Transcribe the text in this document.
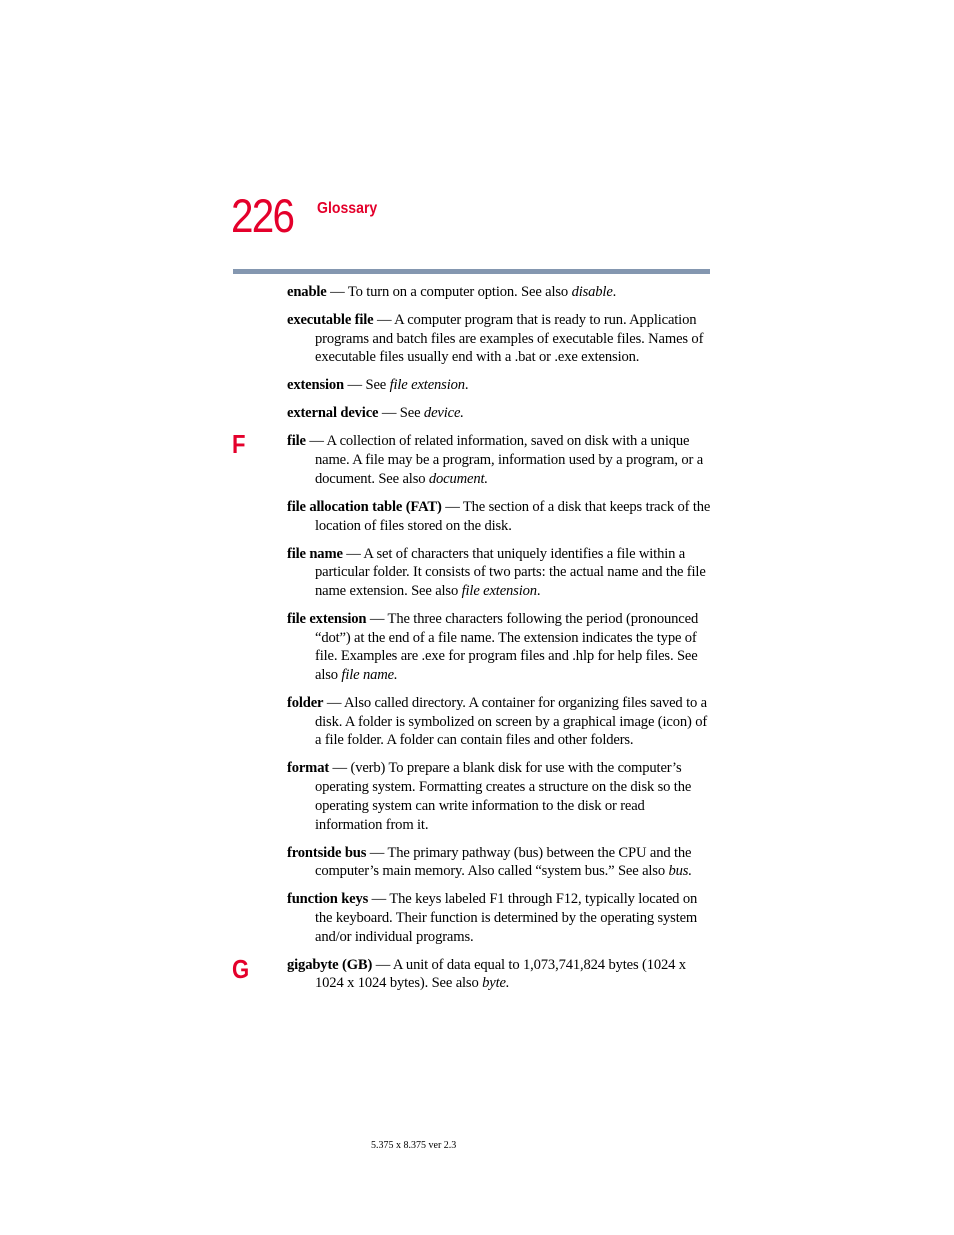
226 Glossary
F
G

enable — To turn on a computer option. See also disable.

executable file — A computer program that is ready to run. Application programs and batch files are examples of executable files. Names of executable files usually end with a .bat or .exe extension.

extension — See file extension.

external device — See device.

file — A collection of related information, saved on disk with a unique name. A file may be a program, information used by a program, or a document. See also document.

file allocation table (FAT) — The section of a disk that keeps track of the location of files stored on the disk.

file name — A set of characters that uniquely identifies a file within a particular folder. It consists of two parts: the actual name and the file name extension. See also file extension.

file extension — The three characters following the period (pronounced “dot”) at the end of a file name. The extension indicates the type of file. Examples are .exe for program files and .hlp for help files. See also file name.

folder — Also called directory. A container for organizing files saved to a disk. A folder is symbolized on screen by a graphical image (icon) of a file folder. A folder can contain files and other folders.

format — (verb) To prepare a blank disk for use with the computer’s operating system. Formatting creates a structure on the disk so the operating system can write information to the disk or read information from it.

frontside bus — The primary pathway (bus) between the CPU and the computer’s main memory. Also called “system bus.” See also bus.

function keys — The keys labeled F1 through F12, typically located on the keyboard. Their function is determined by the operating system and/or individual programs.

gigabyte (GB) — A unit of data equal to 1,073,741,824 bytes (1024 x 1024 x 1024 bytes). See also byte.

5.375 x 8.375 ver 2.3
